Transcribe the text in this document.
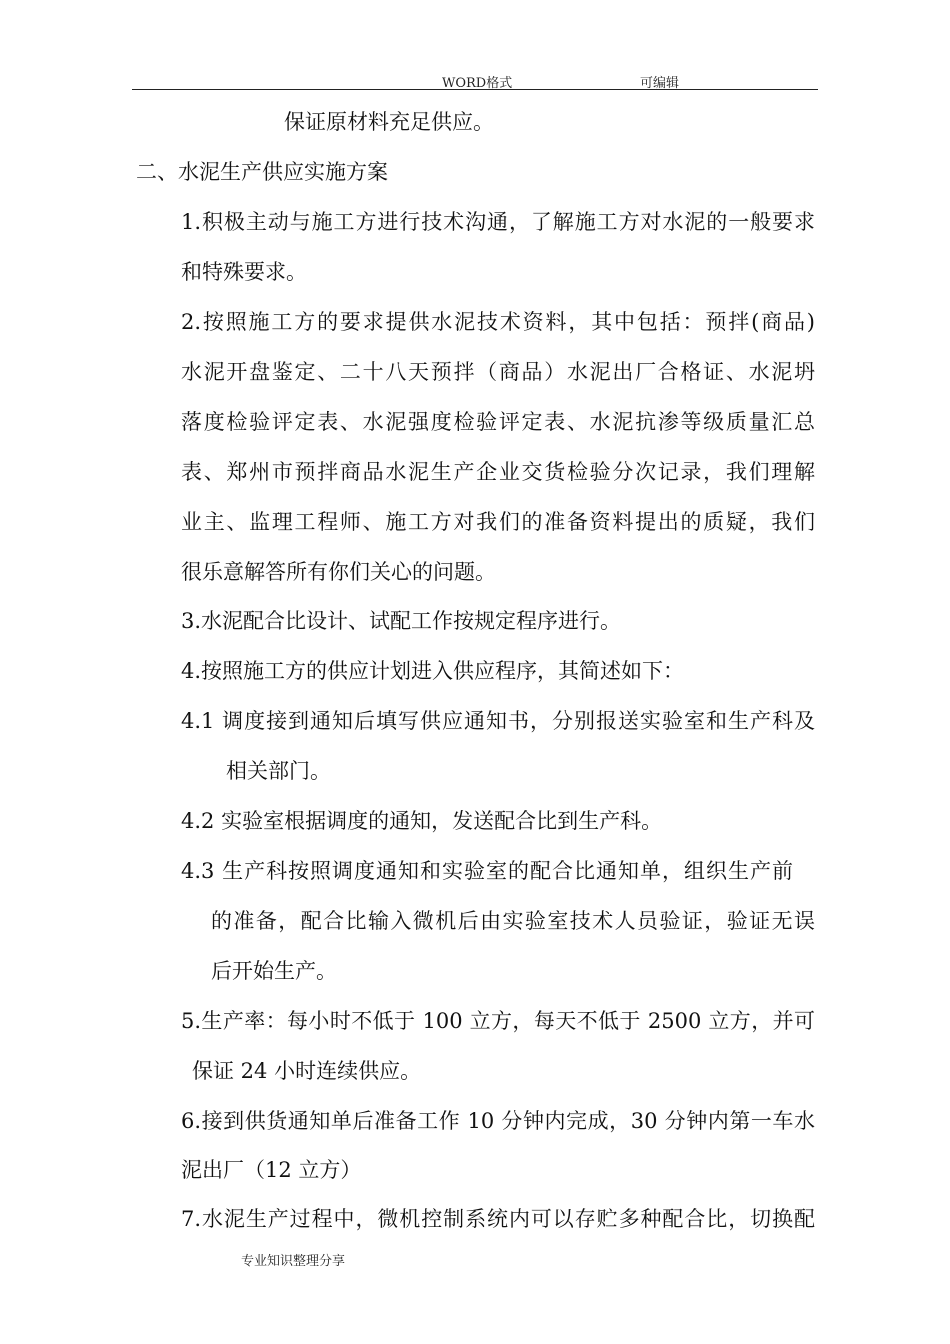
WORD格式	可编辑
保证原材料充足供应。
二、水泥生产供应实施方案
1.积极主动与施工方进行技术沟通，了解施工方对水泥的一般要求
和特殊要求。
2.按照施工方的要求提供水泥技术资料，其中包括：预拌(商品)
水泥开盘鉴定、二十八天预拌（商品）水泥出厂合格证、水泥坍
落度检验评定表、水泥强度检验评定表、水泥抗渗等级质量汇总
表、郑州市预拌商品水泥生产企业交货检验分次记录，我们理解
业主、监理工程师、施工方对我们的准备资料提出的质疑，我们
很乐意解答所有你们关心的问题。
3.水泥配合比设计、试配工作按规定程序进行。
4.按照施工方的供应计划进入供应程序，其简述如下：
4.1 调度接到通知后填写供应通知书，分别报送实验室和生产科及
相关部门。
4.2 实验室根据调度的通知，发送配合比到生产科。
4.3 生产科按照调度通知和实验室的配合比通知单，组织生产前
的准备，配合比输入微机后由实验室技术人员验证，验证无误
后开始生产。
5.生产率：每小时不低于 100 立方，每天不低于 2500 立方，并可
保证 24 小时连续供应。
6.接到供货通知单后准备工作 10 分钟内完成，30 分钟内第一车水
泥出厂（12 立方）
7.水泥生产过程中，微机控制系统内可以存贮多种配合比，切换配
专业知识整理分享
